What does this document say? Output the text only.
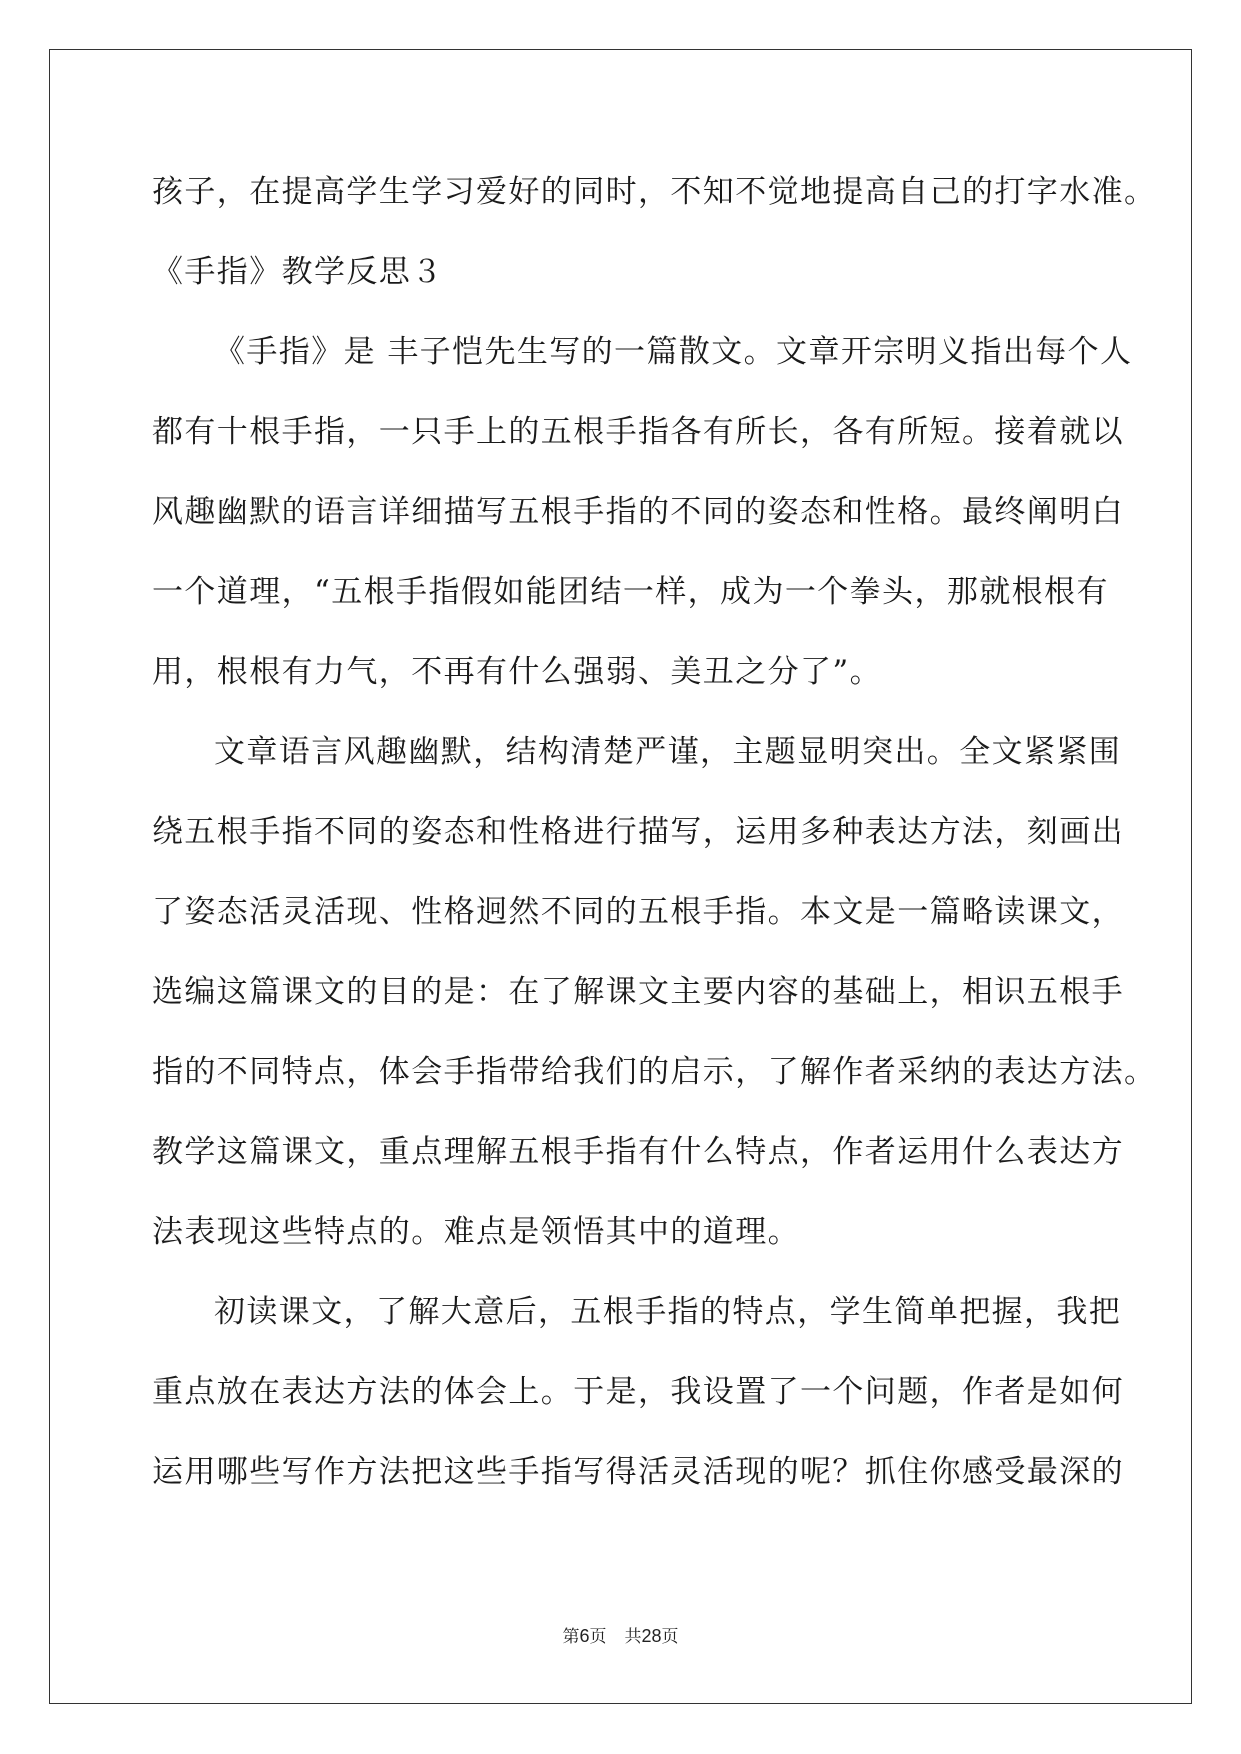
孩子，在提高学生学习爱好的同时，不知不觉地提高自己的打字水准。
《手指》教学反思３
《手指》是 丰子恺先生写的一篇散文。文章开宗明义指出每个人
都有十根手指，一只手上的五根手指各有所长，各有所短。接着就以
风趣幽默的语言详细描写五根手指的不同的姿态和性格。最终阐明白
一个道理，“五根手指假如能团结一样，成为一个拳头，那就根根有
用，根根有力气，不再有什么强弱、美丑之分了”。
文章语言风趣幽默，结构清楚严谨，主题显明突出。全文紧紧围
绕五根手指不同的姿态和性格进行描写，运用多种表达方法，刻画出
了姿态活灵活现、性格迥然不同的五根手指。本文是一篇略读课文，
选编这篇课文的目的是：在了解课文主要内容的基础上，相识五根手
指的不同特点，体会手指带给我们的启示，了解作者采纳的表达方法。
教学这篇课文，重点理解五根手指有什么特点，作者运用什么表达方
法表现这些特点的。难点是领悟其中的道理。
初读课文，了解大意后，五根手指的特点，学生简单把握，我把
重点放在表达方法的体会上。于是，我设置了一个问题，作者是如何
运用哪些写作方法把这些手指写得活灵活现的呢？抓住你感受最深的
第6页 共28页
